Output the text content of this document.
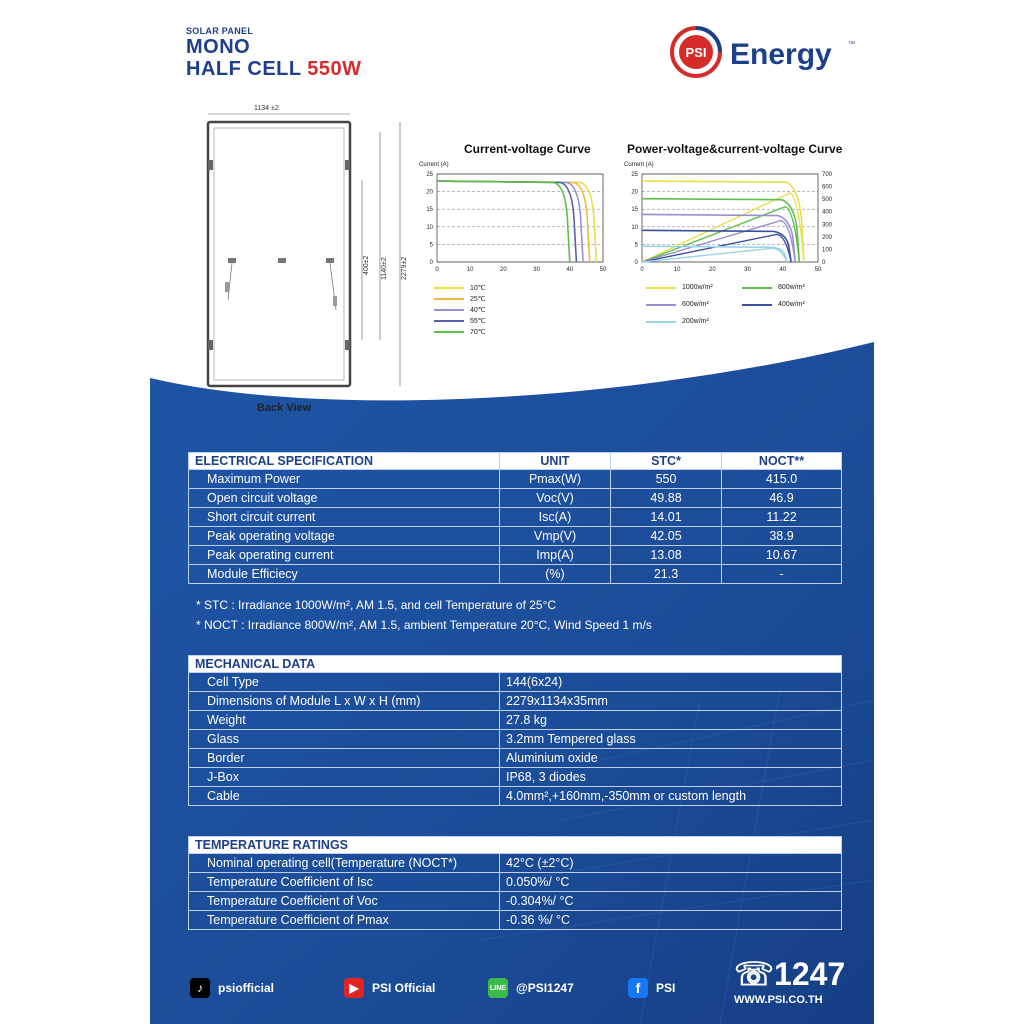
SOLAR PANEL
MONO
HALF CELL 550W
PSI Energy ™
1134 ±2
400±2 1140±2 2279±2
Back View
Current-voltage Curve
Current (A)
0
5
10
15
20
25
0	10	20	30	40	50
10℃
25℃
40℃
55℃
70℃
Power-voltage&current-voltage Curve
Current (A)
0
5
10
15
20
25
0	10	20	30	40	50
0
100
200
300
400
500
600
700
1000w/m²	800w/m²
600w/m²	400w/m²
200w/m²
ELECTRICAL SPECIFICATION	UNIT	STC*	NOCT**
Maximum Power	Pmax(W)	550	415.0
Open circuit voltage	Voc(V)	49.88	46.9
Short circuit current	Isc(A)	14.01	11.22
Peak operating voltage	Vmp(V)	42.05	38.9
Peak operating current	Imp(A)	13.08	10.67
Module Efficiecy	(%)	21.3	-
* STC : Irradiance 1000W/m², AM 1.5, and cell Temperature of 25°C
* NOCT : Irradiance 800W/m², AM 1.5, ambient Temperature 20°C, Wind Speed 1 m/s
MECHANICAL DATA	
Cell Type	144(6x24)
Dimensions of Module L x W x H (mm)	2279x1134x35mm
Weight	27.8 kg
Glass	3.2mm Tempered glass
Border	Aluminium oxide
J-Box	IP68, 3 diodes
Cable	4.0mm²,+160mm,-350mm or custom length
TEMPERATURE RATINGS	
Nominal operating cell(Temperature (NOCT*)	42°C (±2°C)
Temperature Coefficient of Isc	0.050%/ °C
Temperature Coefficient of Voc	-0.304%/ °C
Temperature Coefficient of Pmax	-0.36 %/ °C
♪	psiofficial	▶	PSI Official	LINE @PSI1247	f	PSI ☏1247
WWW.PSI.CO.TH
